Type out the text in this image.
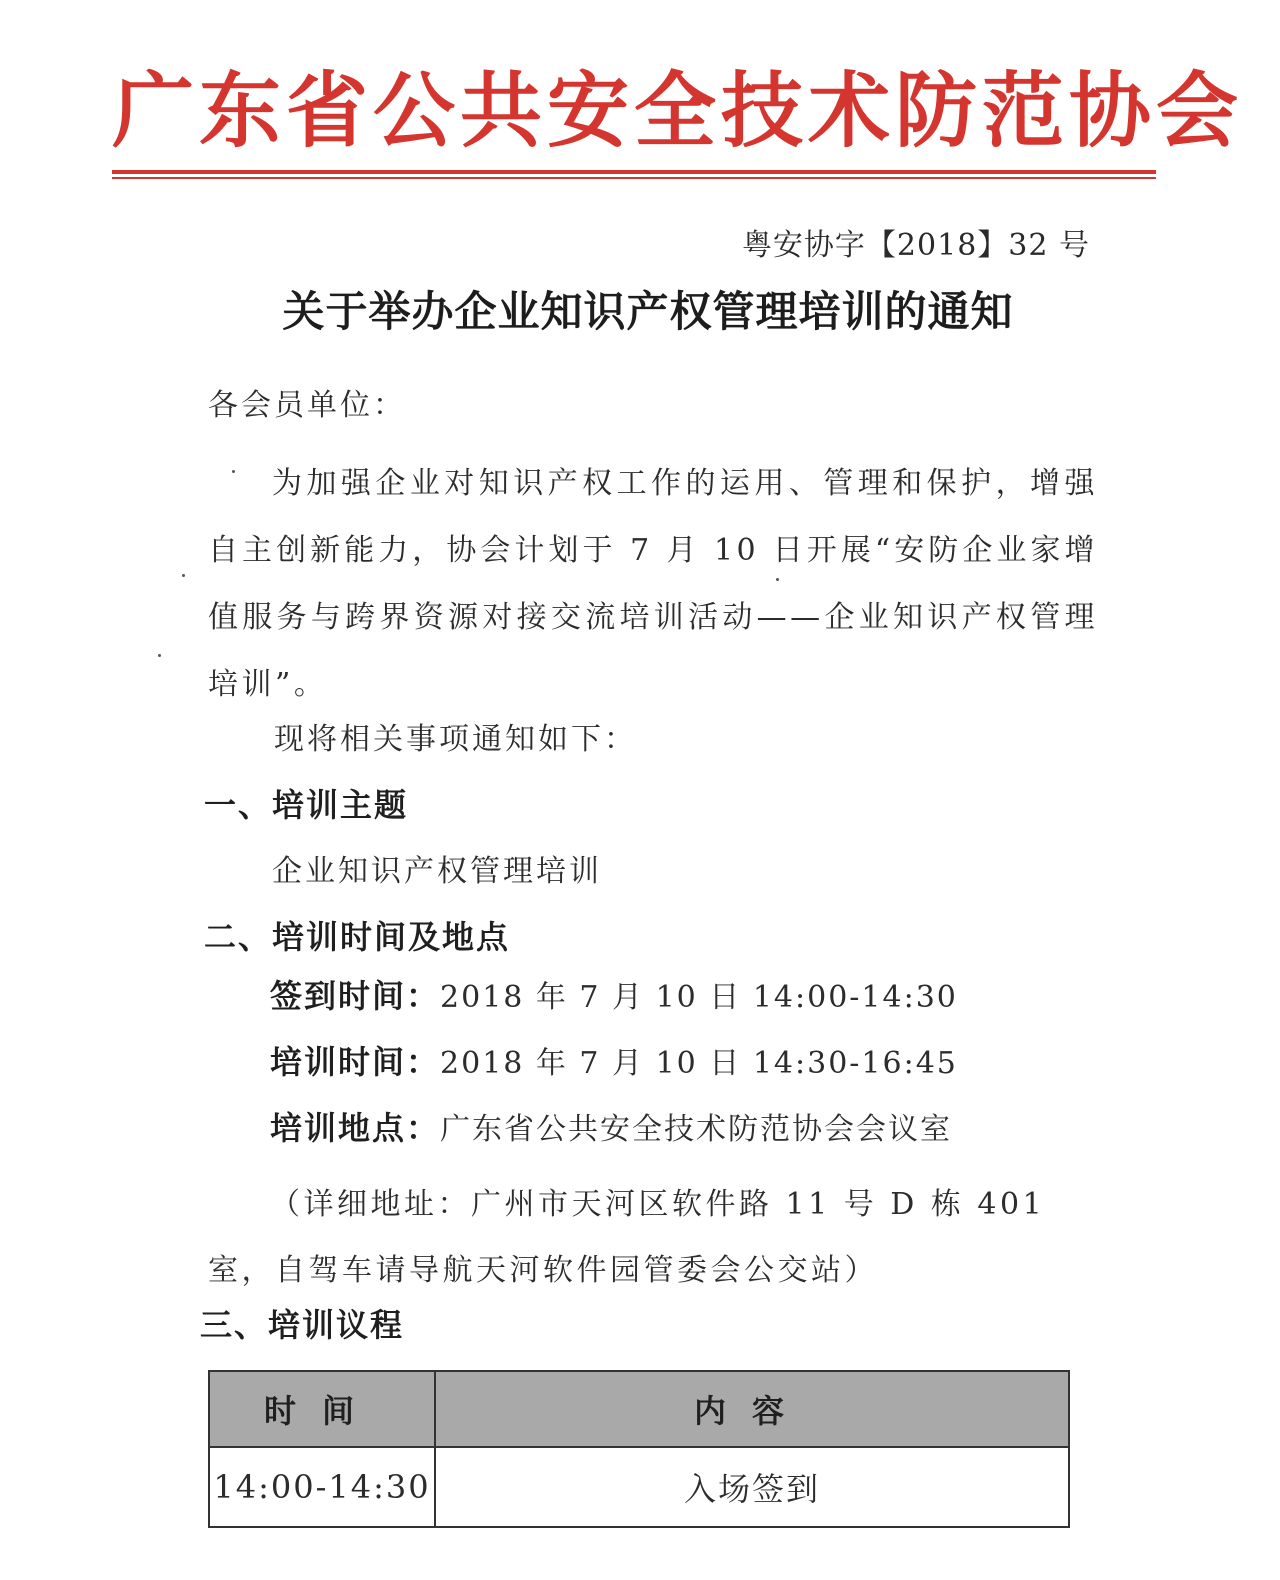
广东省公共安全技术防范协会
粤安协字【2018】32 号
关于举办企业知识产权管理培训的通知
各会员单位：

为加强企业对知识产权工作的运用、管理和保护，增强自主创新能力，协会计划于 7 月 10 日开展“安防企业家增值服务与跨界资源对接交流培训活动——企业知识产权管理培训”。

现将相关事项通知如下：
一、培训主题
企业知识产权管理培训
二、培训时间及地点
签到时间：2018 年 7 月 10 日 14:00-14:30
培训时间：2018 年 7 月 10 日 14:30-16:45
培训地点：广东省公共安全技术防范协会会议室

（详细地址：广州市天河区软件路 11 号 D 栋 401 室，自驾车请导航天河软件园管委会公交站）

三、培训议程
时间	内容
14:00-14:30	入场签到
